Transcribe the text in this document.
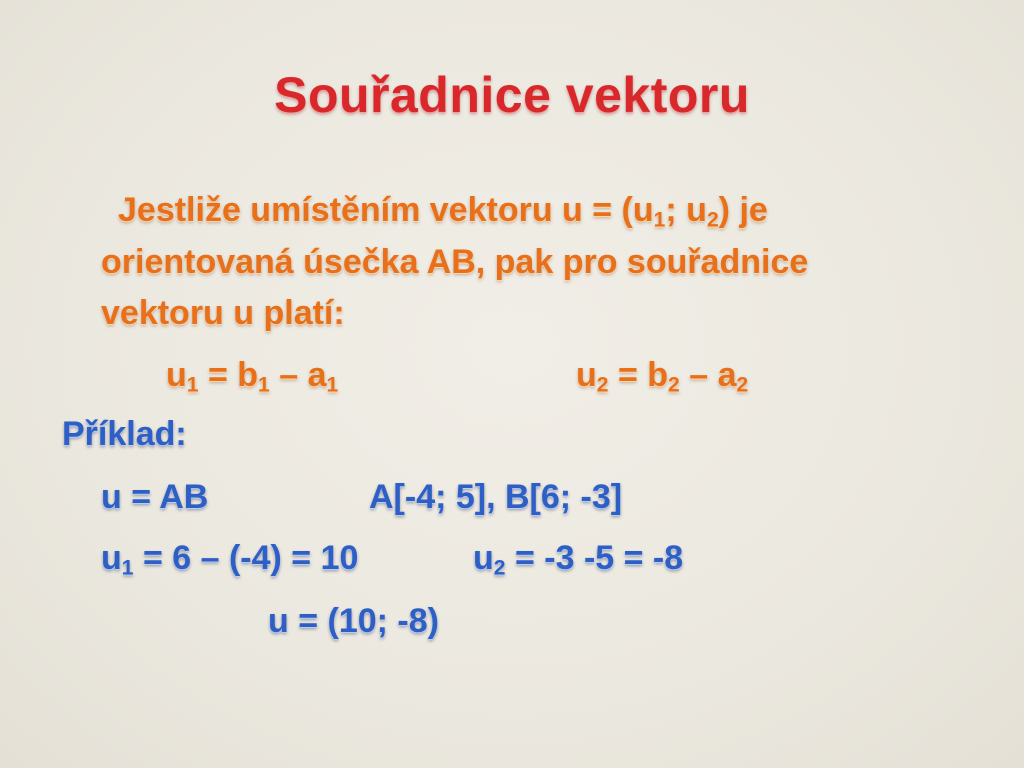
Souřadnice vektoru
Jestliže umístěním vektoru $u = (u_1$; $u_2$) je
orientovaná úsečka AB, pak pro souřadnice
vektoru u platí:
$u_1 = b_1 - a_1$	$u_2 = b_2 - a_2$
Příklad:
u = AB	A[-4; 5], B[6; -3]
$u_1 = 6 - (-4) = 10$	$u_2 = -3$ -5 = -8
u = (10; -8)
